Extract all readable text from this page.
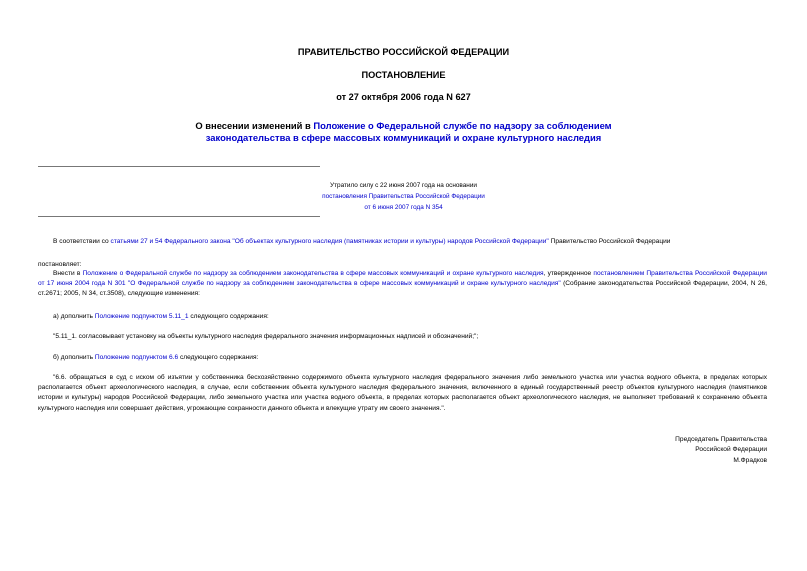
ПРАВИТЕЛЬСТВО РОССИЙСКОЙ ФЕДЕРАЦИИ
ПОСТАНОВЛЕНИЕ
от 27 октября 2006 года N 627
О внесении изменений в Положение о Федеральной службе по надзору за соблюдением законодательства в сфере массовых коммуникаций и охране культурного наследия
Утратило силу с 22 июня 2007 года на основании
постановления Правительства Российской Федерации
от 6 июня 2007 года N 354
В соответствии со статьями 27 и 54 Федерального закона "Об объектах культурного наследия (памятниках истории и культуры) народов Российской Федерации" Правительство Российской Федерации
постановляет:
Внести в Положение о Федеральной службе по надзору за соблюдением законодательства в сфере массовых коммуникаций и охране культурного наследия, утвержденное постановлением Правительства Российской Федерации от 17 июня 2004 года N 301 "О Федеральной службе по надзору за соблюдением законодательства в сфере массовых коммуникаций и охране культурного наследия" (Собрание законодательства Российской Федерации, 2004, N 26, ст.2671; 2005, N 34, ст.3508), следующие изменения:
а) дополнить Положение подпунктом 5.11_1 следующего содержания:
"5.11_1. согласовывает установку на объекты культурного наследия федерального значения информационных надписей и обозначений;";
б) дополнить Положение подпунктом 6.6 следующего содержания:
"6.6. обращаться в суд с иском об изъятии у собственника бесхозяйственно содержимого объекта культурного наследия федерального значения либо земельного участка или участка водного объекта, в пределах которых располагается объект археологического наследия, в случае, если собственник объекта культурного наследия федерального значения, включенного в единый государственный реестр объектов культурного наследия (памятников истории и культуры) народов Российской Федерации, либо земельного участка или участка водного объекта, в пределах которых располагается объект археологического наследия, не выполняет требований к сохранению объекта культурного наследия или совершает действия, угрожающие сохранности данного объекта и влекущие утрату им своего значения.".
Председатель Правительства
Российской Федерации
М.Фрадков
